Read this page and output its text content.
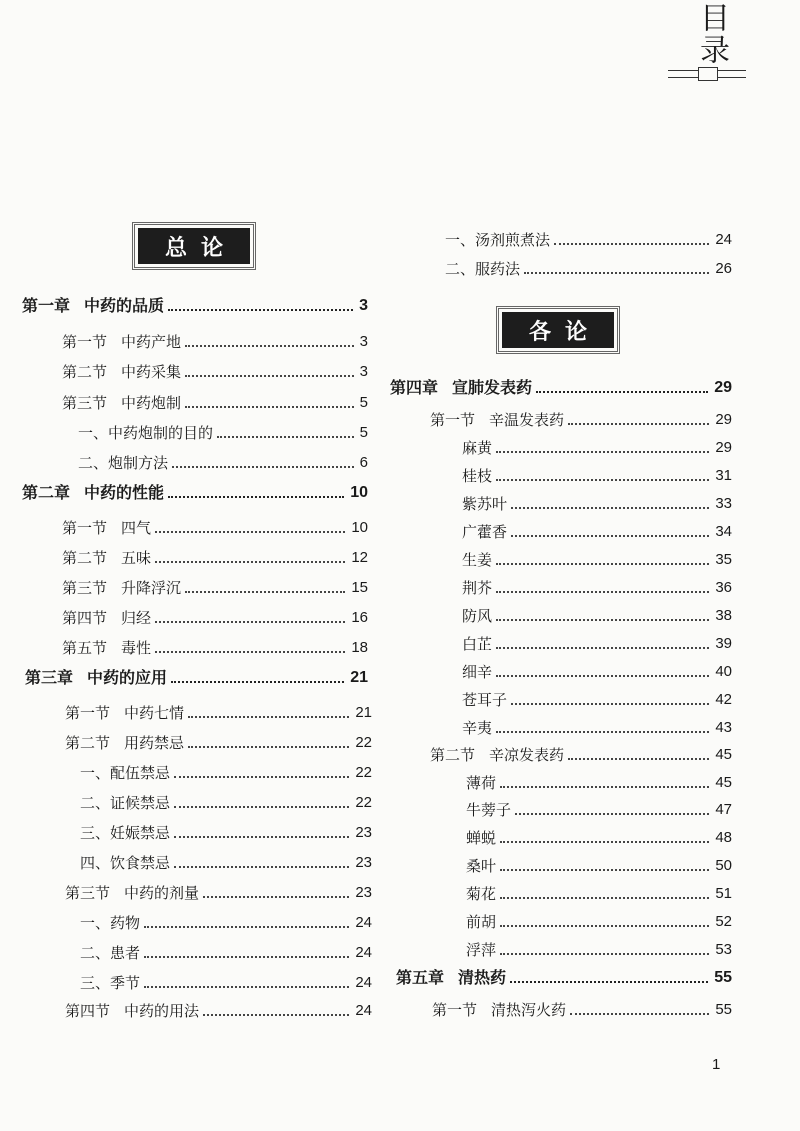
目录
总论
各论
第一章 中药的品质	3
第一节 中药产地	3
第二节 中药采集	3
第三节 中药炮制	5
一、中药炮制的目的	5
二、炮制方法	6
第二章 中药的性能	10
第一节 四气	10
第二节 五味	12
第三节 升降浮沉	15
第四节 归经	16
第五节 毒性	18
第三章 中药的应用	21
第一节 中药七情	21
第二节 用药禁忌	22
一、配伍禁忌	22
二、证候禁忌	22
三、妊娠禁忌	23
四、饮食禁忌	23
第三节 中药的剂量	23
一、药物	24
二、患者	24
三、季节	24
第四节 中药的用法	24
一、汤剂煎煮法	24
二、服药法	26
第四章 宣肺发表药	29
第一节 辛温发表药	29
麻黄	29
桂枝	31
紫苏叶	33
广藿香	34
生姜	35
荆芥	36
防风	38
白芷	39
细辛	40
苍耳子	42
辛夷	43
第二节 辛凉发表药	45
薄荷	45
牛蒡子	47
蝉蜕	48
桑叶	50
菊花	51
前胡	52
浮萍	53
第五章 清热药	55
第一节 清热泻火药	55
1
